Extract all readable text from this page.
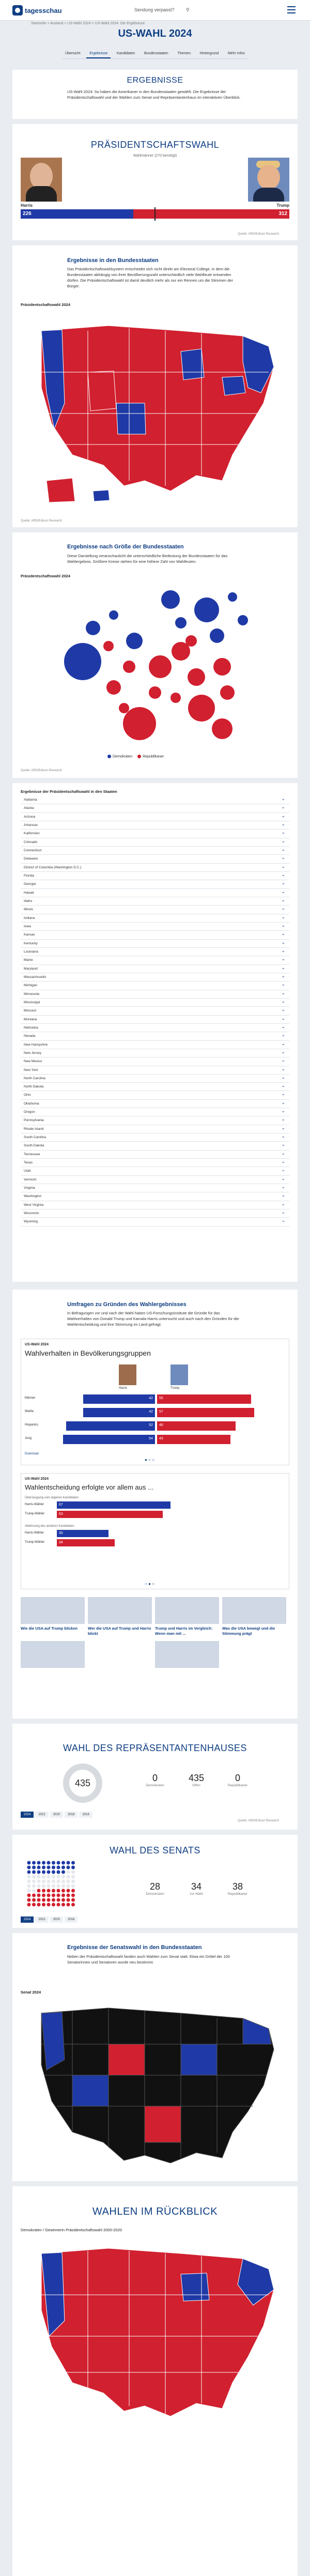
tagesschau	Sendung verpasst? ⚲
Startseite > Ausland > US-Wahl 2024 > US-Wahl 2024: Die Ergebnisse
US-WAHL 2024
Übersicht	Ergebnisse	Kandidaten	Bundesstaaten	Themen	Hintergrund	Mehr Infos
ERGEBNISSE
US-Wahl 2024: So haben die Amerikaner in den Bundesstaaten gewählt. Die Ergebnisse der Präsidentschaftswahl und der Wahlen zum Senat und Repräsentantenhaus im interaktiven Überblick.
PRÄSIDENTSCHAFTSWAHL
Wahlmänner (270 benötigt)
Harris	Trump
226	312
Quelle: ARD/Edison Research
Ergebnisse in den Bundesstaaten
Das Präsidentschaftswahlsystem entscheidet sich nicht direkt am Electoral College, in dem die Bundesstaaten abhängig von ihrer Bevölkerungszahl unterschiedlich viele Wahlleute entsenden dürfen. Die Präsidentschaftswahl ist damit deutlich mehr als nur ein Rennen um die Stimmen der Bürger.
Präsidentschaftswahl 2024
Quelle: ARD/Edison Research
Ergebnisse nach Größe der Bundesstaaten
Diese Darstellung veranschaulicht die unterschiedliche Bedeutung der Bundesstaaten für das Wahlergebnis. Größere Kreise stehen für eine höhere Zahl von Wahlleuten.
Präsidentschaftswahl 2024
Demokraten	Republikaner
Quelle: ARD/Edison Research
Ergebnisse der Präsidentschaftswahl in den Staaten
Alabama ⌄
Alaska ⌄
Arizona ⌄
Arkansas ⌄
Kalifornien ⌄
Colorado ⌄
Connecticut ⌄
Delaware ⌄
District of Columbia (Washington D.C.) ⌄
Florida ⌄
Georgia ⌄
Hawaii ⌄
Idaho ⌄
Illinois ⌄
Indiana ⌄
Iowa ⌄
Kansas ⌄
Kentucky ⌄
Louisiana ⌄
Maine ⌄
Maryland ⌄
Massachusetts ⌄
Michigan ⌄
Minnesota ⌄
Mississippi ⌄
Missouri ⌄
Montana ⌄
Nebraska ⌄
Nevada ⌄
New Hampshire ⌄
New Jersey ⌄
New Mexico ⌄
New York ⌄
North Carolina ⌄
North Dakota ⌄
Ohio ⌄
Oklahoma ⌄
Oregon ⌄
Pennsylvania ⌄
Rhode Island ⌄
South Carolina ⌄
South Dakota ⌄
Tennessee ⌄
Texas ⌄
Utah ⌄
Vermont ⌄
Virginia ⌄
Washington ⌄
West Virginia ⌄
Wisconsin ⌄
Wyoming ⌄
Umfragen zu Gründen des Wahlergebnisses
In Befragungen vor und nach der Wahl haben US-Forschungsinstitute die Gründe für das Wahlverhalten von Donald Trump und Kamala Harris untersucht und auch nach den Gründen für die Wahlentscheidung und ihre Stimmung im Land gefragt.
US-Wahl 2024
Wahlverhalten in Bevölkerungsgruppen
Harris	Trump
Männer	42 55
Weiße	42 57
Hispanics	52 46
Jung	54 43
Download
● ○ ○
US-Wahl 2024
Wahlentscheidung erfolgte vor allem aus ...
Überzeugung vom eigenen Kandidaten
Harris-Wähler	67
Trump-Wähler	63
Ablehnung des anderen Kandidaten
Harris-Wähler	30
Trump-Wähler	34
○ ● ○
Wie die USA auf Trump blicken	Wer die USA auf Trump und Harris blickt
Trump und Harris im Vergleich: Wenn man mit ...
Was die USA bewegt und die Stimmung prägt
WAHL DES REPRÄSENTANTENHAUSES
435	0
Demokraten
435
Offen
0
Republikaner
2024	2022	2020	2018	2016
Quelle: ARD/Edison Research
WAHL DES SENATS
28
Demokraten
34
zur Wahl
38
Republikaner
2024	2022	2020	2018
Ergebnisse der Senatswahl in den Bundesstaaten
Neben der Präsidentschaftswahl fanden auch Wahlen zum Senat statt. Etwa ein Drittel der 100 Senatorinnen und Senatoren wurde neu bestimmt.
Senat 2024
WAHLEN IM RÜCKBLICK
Demokraten / Gewinnerin Präsidentschaftswahl 2000-2020
